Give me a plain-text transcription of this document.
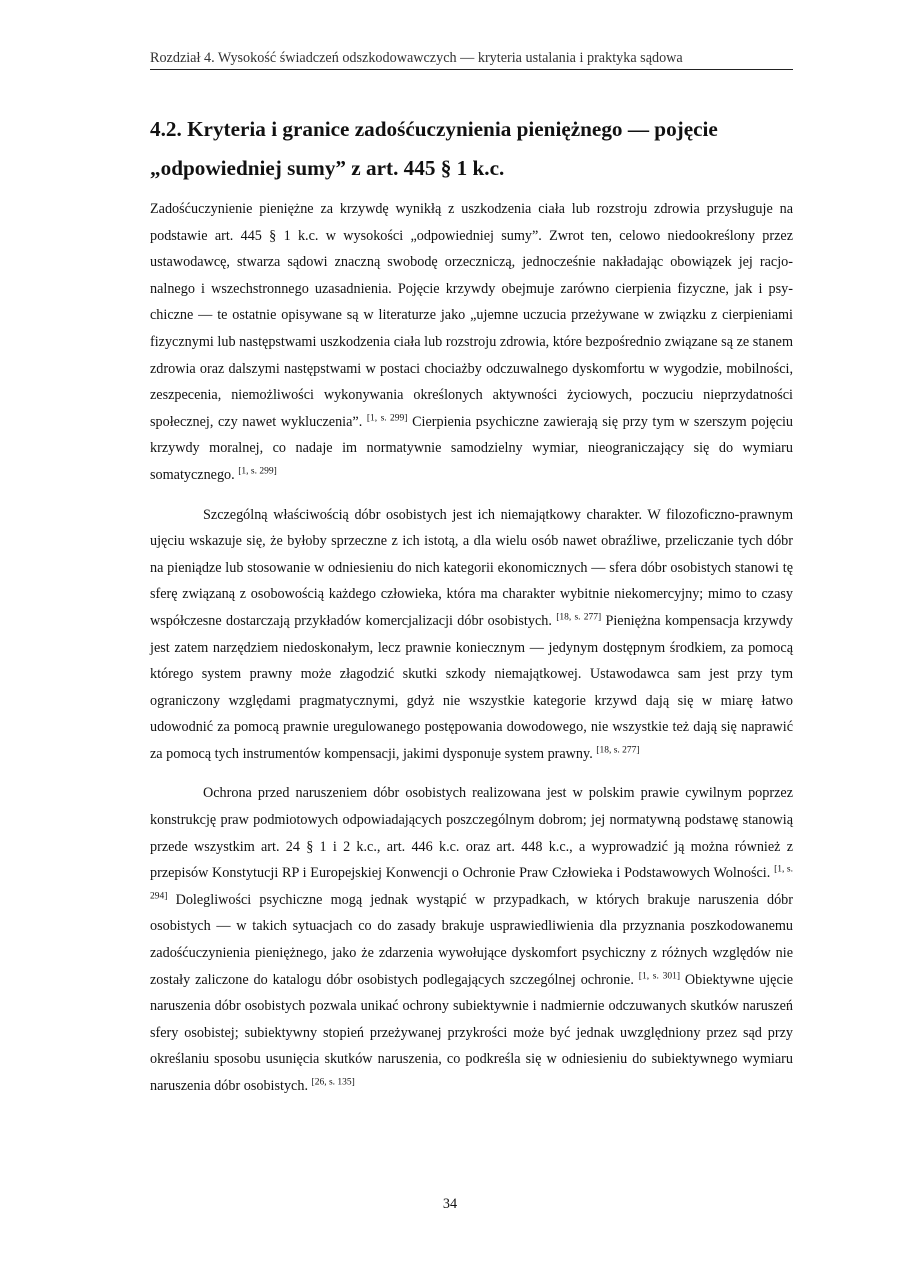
Rozdział 4. Wysokość świadczeń odszkodowawczych — kryteria ustalania i praktyka sądowa
4.2. Kryteria i granice zadośćuczynienia pieniężnego — pojęcie „odpowiedniej sumy” z art. 445 § 1 k.c.

Zadośćuczynienie pieniężne za krzywdę wynikłą z uszkodzenia ciała lub rozstroju zdrowia przysługuje na podstawie art. 445 § 1 k.c. w wysokości „odpowiedniej sumy”. Zwrot ten, celowo niedookreślony przez ustawodawcę, stwarza sądowi znaczną swobodę orzeczniczą, jednocześnie nakładając obowiązek jej racjonalnego i wszechstronnego uzasadnienia. Pojęcie krzywdy obejmuje zarówno cierpienia fizyczne, jak i psychiczne — te ostatnie opisywane są w literaturze jako „ujemne uczucia przeżywane w związku z cierpieniami fizycznymi lub następstwami uszkodzenia ciała lub rozstroju zdrowia, które bezpośrednio związane są ze stanem zdrowia oraz dalszymi następstwami w postaci chociażby odczuwalnego dyskomfortu w wygodzie, mobilności, zeszpecenia, niemożliwości wykonywania określonych aktywności życiowych, poczuciu nieprzydatności społecznej, czy nawet wykluczenia”. [1, s. 299] Cierpienia psychiczne zawierają się przy tym w szerszym pojęciu krzywdy moralnej, co nadaje im normatywnie samodzielny wymiar, nieograniczający się do wymiaru somatycznego. [1, s. 299]

Szczególną właściwością dóbr osobistych jest ich niemajątkowy charakter. W filozoficzno-prawnym ujęciu wskazuje się, że byłoby sprzeczne z ich istotą, a dla wielu osób nawet obraźliwe, przeliczanie tych dóbr na pieniądze lub stosowanie w odniesieniu do nich kategorii ekonomicznych — sfera dóbr osobistych stanowi tę sferę związaną z osobowością każdego człowieka, która ma charakter wybitnie niekomercyjny; mimo to czasy współczesne dostarczają przykładów komercjalizacji dóbr osobistych. [18, s. 277] Pieniężna kompensacja krzywdy jest zatem narzędziem niedoskonałym, lecz prawnie koniecznym — jedynym dostępnym środkiem, za pomocą którego system prawny może złagodzić skutki szkody niemajątkowej. Ustawodawca sam jest przy tym ograniczony względami pragmatycznymi, gdyż nie wszystkie kategorie krzywd dają się w miarę łatwo udowodnić za pomocą prawnie uregulowanego postępowania dowodowego, nie wszystkie też dają się naprawić za pomocą tych instrumentów kompensacji, jakimi dysponuje system prawny. [18, s. 277]

Ochrona przed naruszeniem dóbr osobistych realizowana jest w polskim prawie cywilnym poprzez konstrukcję praw podmiotowych odpowiadających poszczególnym dobrom; jej normatywną podstawę stanowią przede wszystkim art. 24 § 1 i 2 k.c., art. 446 k.c. oraz art. 448 k.c., a wyprowadzić ją można również z przepisów Konstytucji RP i Europejskiej Konwencji o Ochronie Praw Człowieka i Podstawowych Wolności. [1, s. 294] Dolegliwości psychiczne mogą jednak wystąpić w przypadkach, w których brakuje naruszenia dóbr osobistych — w takich sytuacjach co do zasady brakuje usprawiedliwienia dla przyznania poszkodowanemu zadośćuczynienia pieniężnego, jako że zdarzenia wywołujące dyskomfort psychiczny z różnych względów nie zostały zaliczone do katalogu dóbr osobistych podlegających szczególnej ochronie. [1, s. 301] Obiektywne ujęcie naruszenia dóbr osobistych pozwala unikać ochrony subiektywnie i nadmiernie odczuwanych skutków naruszeń sfery osobistej; subiektywny stopień przeżywanej przykrości może być jednak uwzględniony przez sąd przy określaniu sposobu usunięcia skutków naruszenia, co podkreśla się w odniesieniu do subiektywnego wymiaru naruszenia dóbr osobistych. [26, s. 135]

34
